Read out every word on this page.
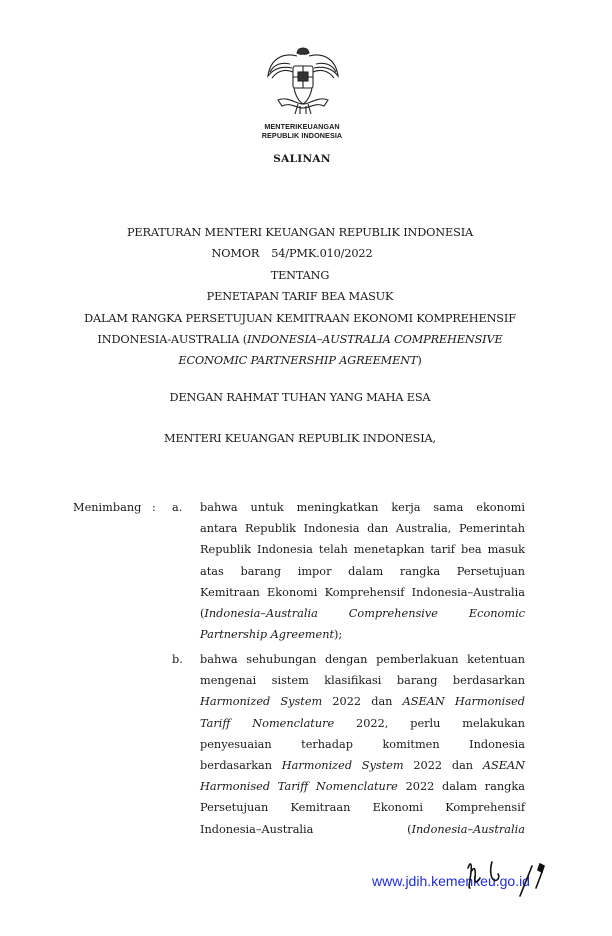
MENTERIKEUANGAN
REPUBLIK INDONESIA
SALINAN
PERATURAN MENTERI KEUANGAN REPUBLIK INDONESIA
NOMOR 54/PMK.010/2022
TENTANG
PENETAPAN TARIF BEA MASUK
DALAM RANGKA PERSETUJUAN KEMITRAAN EKONOMI KOMPREHENSIF
INDONESIA-AUSTRALIA (INDONESIA–AUSTRALIA COMPREHENSIVE
ECONOMIC PARTNERSHIP AGREEMENT)
DENGAN RAHMAT TUHAN YANG MAHA ESA
MENTERI KEUANGAN REPUBLIK INDONESIA,
Menimbang : a. bahwa untuk meningkatkan kerja sama ekonomi
antara Republik Indonesia dan Australia, Pemerintah
Republik Indonesia telah menetapkan tarif bea masuk
atas barang impor dalam rangka Persetujuan
Kemitraan Ekonomi Komprehensif Indonesia–Australia
(Indonesia–Australia	Comprehensive	Economic
Partnership Agreement);
b. bahwa sehubungan dengan pemberlakuan ketentuan
mengenai sistem klasifikasi barang berdasarkan
Harmonized System 2022 dan ASEAN Harmonised
Tariff Nomenclature 2022, perlu melakukan
penyesuaian terhadap komitmen Indonesia
berdasarkan Harmonized System 2022 dan ASEAN
Harmonised Tariff Nomenclature 2022 dalam rangka
Persetujuan Kemitraan Ekonomi Komprehensif
Indonesia–Australia (Indonesia–Australia
www.jdih.kemenkeu.go.id
